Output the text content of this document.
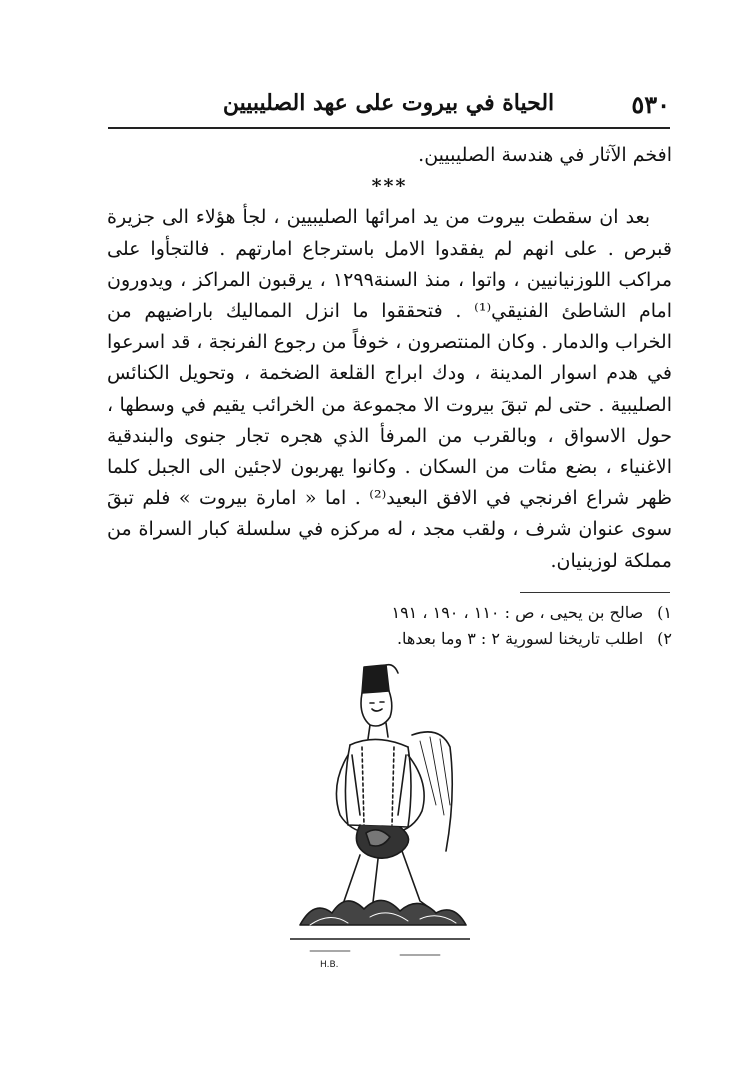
٥٣٠
الحياة في بيروت على عهد الصليبيين

افخم الآثار في هندسة الصليبيين.

***

بعد ان سقطت بيروت من يد امرائها الصليبيين ، لجأ هؤلاء الى جزيرة قبرص . على انهم لم يفقدوا الامل باسترجاع امارتهم . فالتجأوا على مراكب اللوزنيانيين ، واتوا ، منذ السنة١٢٩٩ ، يرقبون المراكز ، ويدورون امام الشاطئ الفنيقي⁽¹⁾ . فتحققوا ما انزل المماليك باراضيهم من الخراب والدمار . وكان المنتصرون ، خوفاً من رجوع الفرنجة ، قد اسرعوا في هدم اسوار المدينة ، ودك ابراج القلعة الضخمة ، وتحويل الكنائس الصليبية . حتى لم تبقَ بيروت الا مجموعة من الخرائب يقيم في وسطها ، حول الاسواق ، وبالقرب من المرفأ الذي هجره تجار جنوى والبندقية الاغنياء ، بضع مئات من السكان . وكانوا يهربون لاجئين الى الجبل كلما ظهر شراع افرنجي في الافق البعيد⁽²⁾ . اما « امارة بيروت » فلم تبقَ سوى عنوان شرف ، ولقب مجد ، له مركزه في سلسلة كبار السراة من مملكة لوزينيان.

١)صالح بن يحيى ، ص : ١١٠ ، ١٩٠ ، ١٩١

٢)اطلب تاريخنا لسورية ٢ : ٣ وما بعدها.

H.B.
